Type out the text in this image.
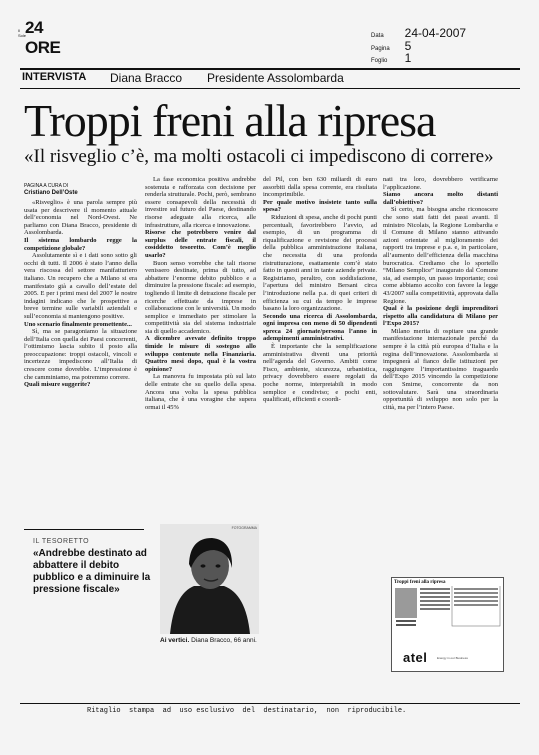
Il Sole
24 ORE
Data 24-04-2007
Pagina 5
Foglio 1
INTERVISTA Diana Bracco Presidente Assolombarda
Troppi freni alla ripresa
«Il risveglio c’è, ma molti ostacoli ci impediscono di correre»
PAGINA A CURA DI
Cristiano Dell’Oste

«Risveglio» è una parola sempre più usata per descrivere il momento attuale dell’economia nel Nord-Ovest. Ne parliamo con Diana Bracco, presidente di Assolombarda.

Il sistema lombardo regge la competizione globale?

Assolutamente sì e i dati sono sotto gli occhi di tutti. Il 2006 è stato l’anno della vera riscossa del settore manifatturiero italiano. Un recupero che a Milano si era manifestato già a cavallo dell’estate del 2005. E per i primi mesi del 2007 le nostre indagini indicano che le prospettive a breve termine sulle variabili aziendali e sull’economia si mantengono positive.

Uno scenario finalmente promettente...

Sì, ma se paragoniamo la situazione dell’Italia con quella dei Paesi concorrenti, l’ottimismo lascia subito il posto alla preoccupazione: troppi ostacoli, vincoli e incertezze impediscono all’Italia di crescere come dovrebbe. L’impressione è che camminiamo, ma potremmo correre.

Quali misure suggerite?

La fase economica positiva andrebbe sostenuta e rafforzata con decisione per renderla strutturale. Pochi, però, sembrano essere consapevoli della necessità di investire sul futuro del Paese, destinando risorse adeguate alla ricerca, alle infrastrutture, alla ricerca e innovazione.

Risorse che potrebbero venire dal surplus delle entrate fiscali, il cosiddetto tesoretto. Com’è meglio usarlo?

Buon senso vorrebbe che tali risorse venissero destinate, prima di tutto, ad abbattere l’enorme debito pubblico e a diminuire la pressione fiscale: ad esempio, togliendo il limite di detrazione fiscale per ricerche effettuate da imprese in collaborazione con le università. Un modo semplice e immediato per stimolare la competitività sia del sistema industriale sia di quello accademico.

A dicembre avevate definito troppo timide le misure di sostegno allo sviluppo contenute nella Finanziaria. Quattro mesi dopo, qual è la vostra opinione?

La manovra fu impostata più sul lato delle entrate che su quello della spesa. Ancora una volta la spesa pubblica italiana, che è una voragine che supera ormai il 45%

del Pil, con ben 630 miliardi di euro assorbiti dalla spesa corrente, era risultata incomprimibile.

Per quale motivo insistete tanto sulla spesa?

Riduzioni di spesa, anche di pochi punti percentuali, favorirebbero l’avvio, ad esempio, di un programma di riqualificazione e revisione dei processi della pubblica amministrazione italiana, che necessita di una profonda ristrutturazione, esattamente com’è stato fatto in questi anni in tante aziende private. Registriamo, peraltro, con soddisfazione, l’apertura del ministro Bersani circa l’introduzione nella p.a. di quei criteri di efficienza su cui da tempo le imprese basano la loro organizzazione.

Secondo una ricerca di Assolombarda, ogni impresa con meno di 50 dipendenti spreca 24 giornate/persona l’anno in adempimenti amministrativi.

È importante che la semplificazione amministrativa diventi una priorità nell’agenda del Governo. Ambiti come Fisco, ambiente, sicurezza, urbanistica, privacy dovrebbero essere regolati da poche norme, interpretabili in modo semplice e condiviso; e pochi enti, qualificati, efficienti e coordi-

nati tra loro, dovrebbero verificarne l’applicazione.

Siamo ancora molto distanti dall’obiettivo?

Sì certo, ma bisogna anche riconoscere che sono stati fatti dei passi avanti. Il ministro Nicolais, la Regione Lombardia e il Comune di Milano stanno attivando azioni orientate al miglioramento dei rapporti tra imprese e p.a. e, in particolare, all’aumento dell’efficienza della macchina burocratica. Crediamo che lo sportello “Milano Semplice” inaugurato dal Comune sia, ad esempio, un passo importante; così come abbiamo accolto con favore la legge 43/2007 sulla competitività, approvata dalla Regione.

Qual è la posizione degli imprenditori rispetto alla candidatura di Milano per l’Expo 2015?

Milano merita di ospitare una grande manifestazione internazionale perché da sempre è la città più europea d’Italia e la regina dell’innovazione. Assolombarda si impegnerà al fianco delle istituzioni per raggiungere l’importantissimo traguardo dell’Expo 2015 vincendo la competizione con Smirne, concorrente da non sottovalutare. Sarà una straordinaria opportunità di sviluppo non solo per la città, ma per l’intero Paese.

IL TESORETTO
«Andrebbe destinato ad abbattere il debito pubblico e a diminuire la pressione fiscale»
FOTOGRAMMA
Ai vertici. Diana Bracco, 66 anni.
Troppi freni alla ripresa
atel	Energy in our Business
Ritaglio  stampa  ad  uso esclusivo  del  destinatario,  non  riproducibile.
